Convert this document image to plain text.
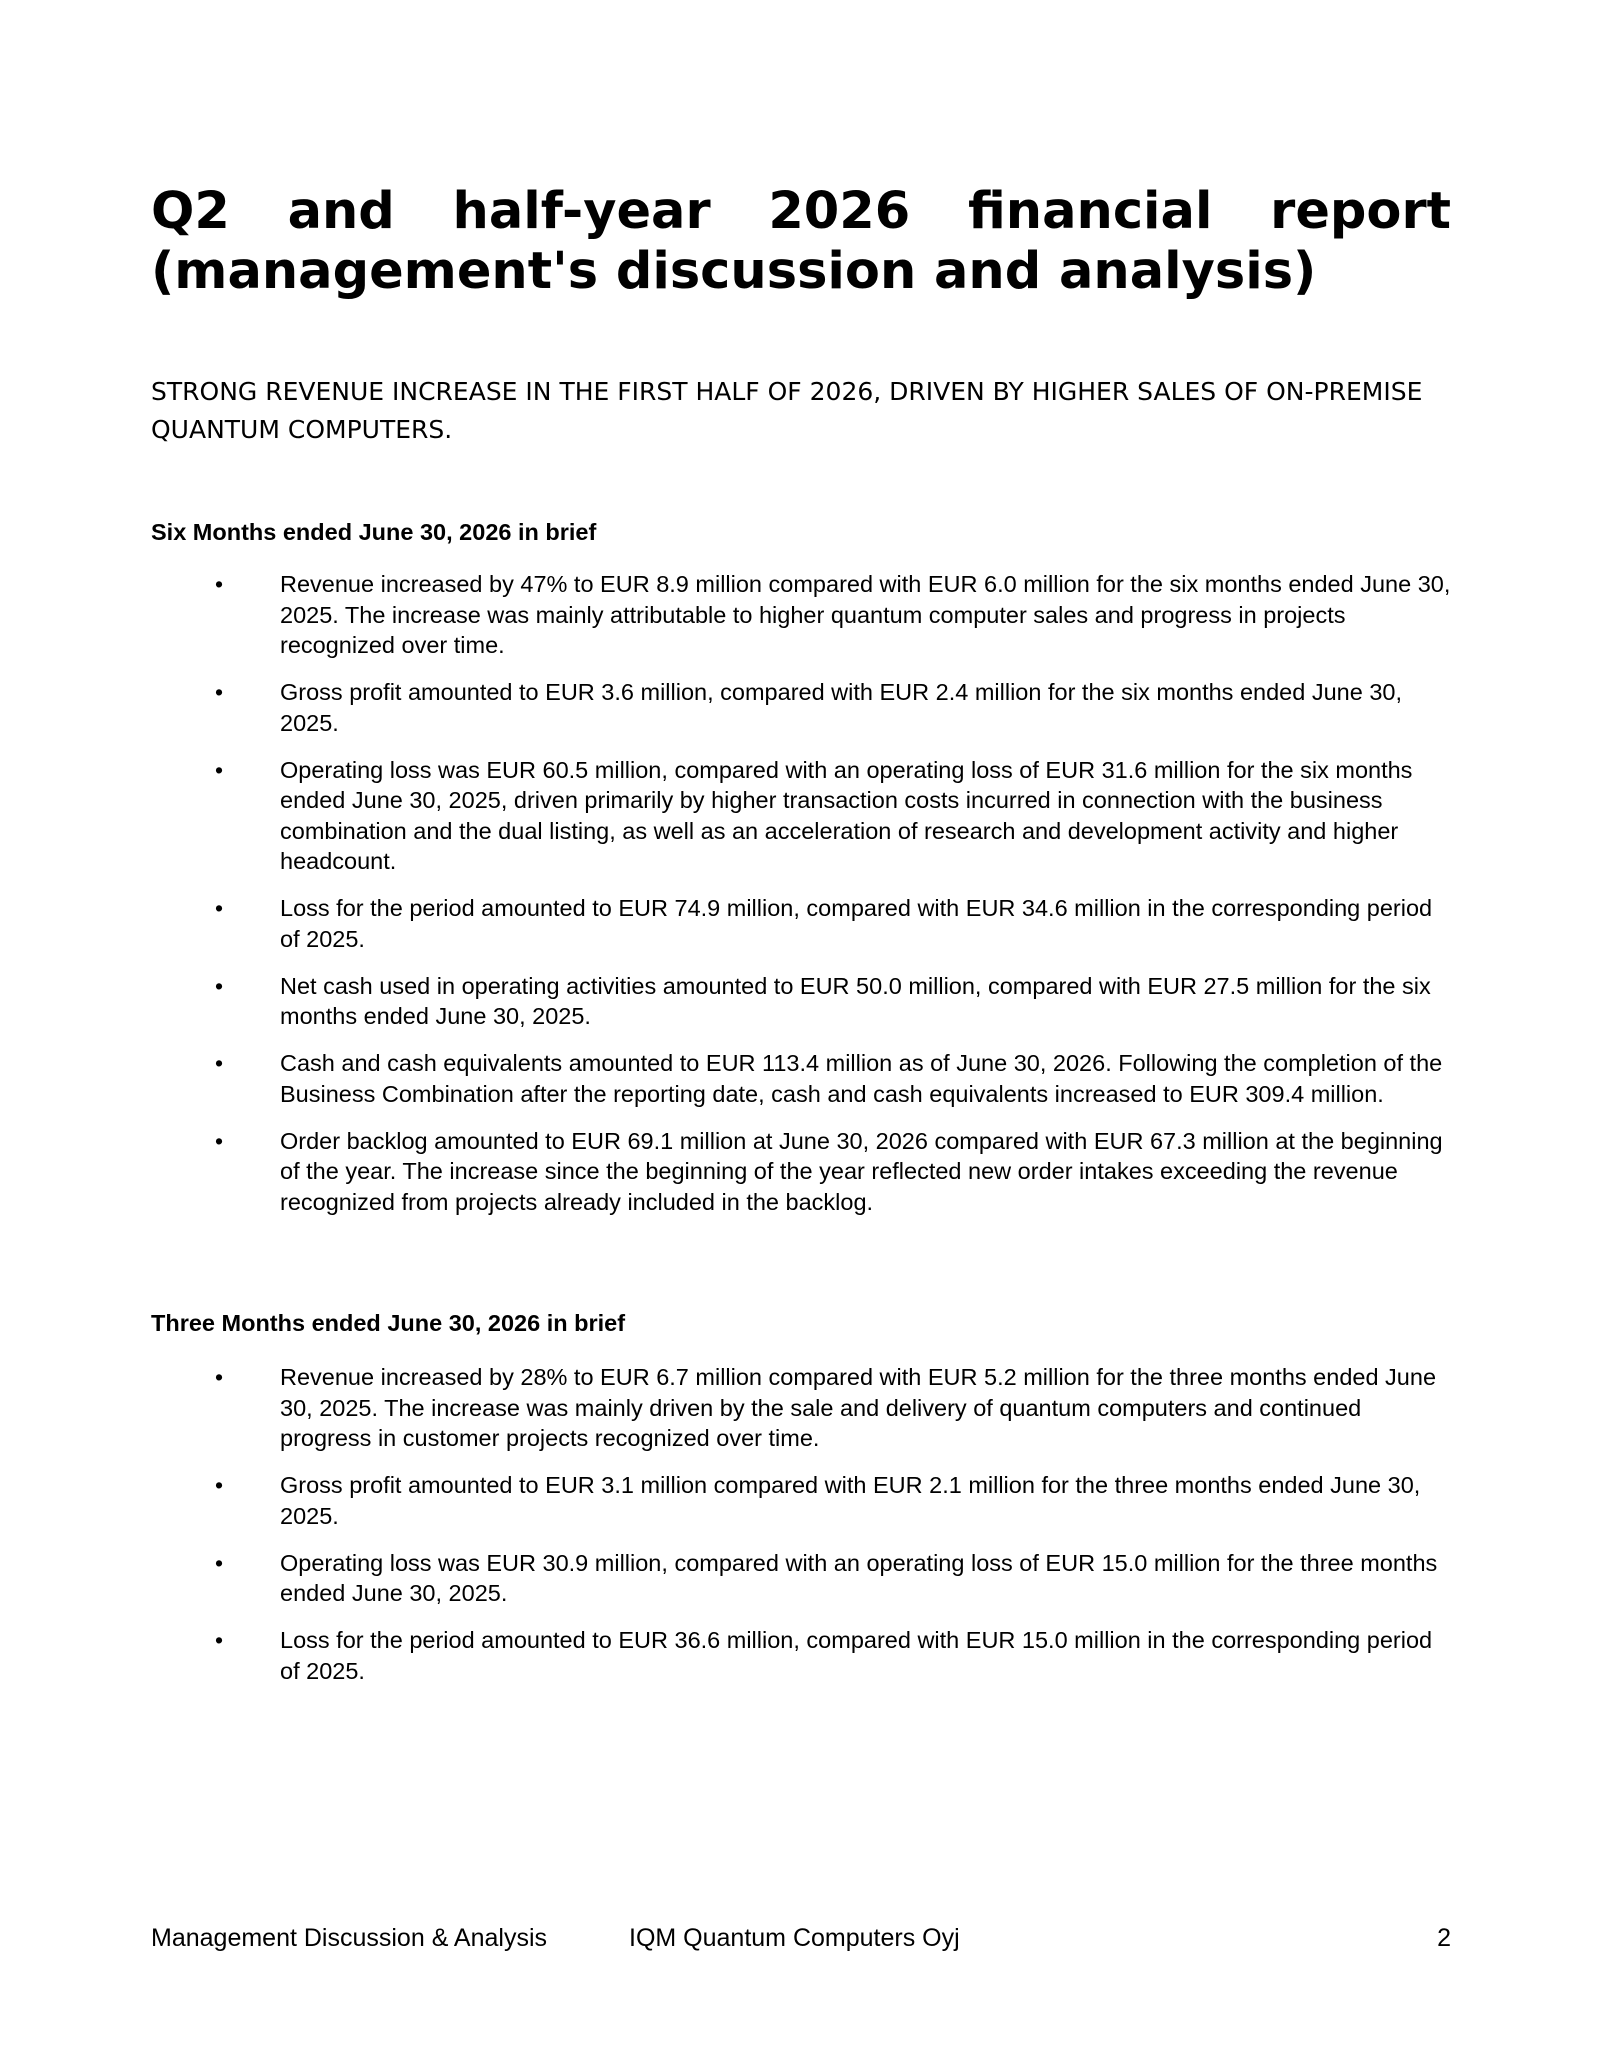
Q2 and half-year 2026 financial report
(management's discussion and analysis)

STRONG REVENUE INCREASE IN THE FIRST HALF OF 2026, DRIVEN BY HIGHER SALES OF ON-PREMISE QUANTUM COMPUTERS.

Six Months ended June 30, 2026 in brief
•	Revenue increased by 47% to EUR 8.9 million compared with EUR 6.0 million for the six months ended June 30, 2025. The increase was mainly attributable to higher quantum computer sales and progress in projects recognized over time.
•	Gross profit amounted to EUR 3.6 million, compared with EUR 2.4 million for the six months ended June 30, 2025.
•	Operating loss was EUR 60.5 million, compared with an operating loss of EUR 31.6 million for the six months ended June 30, 2025, driven primarily by higher transaction costs incurred in connection with the business combination and the dual listing, as well as an acceleration of research and development activity and higher headcount.
•	Loss for the period amounted to EUR 74.9 million, compared with EUR 34.6 million in the corresponding period of 2025.
•	Net cash used in operating activities amounted to EUR 50.0 million, compared with EUR 27.5 million for the six months ended June 30, 2025.
•	Cash and cash equivalents amounted to EUR 113.4 million as of June 30, 2026. Following the completion of the Business Combination after the reporting date, cash and cash equivalents increased to EUR 309.4 million.
•	Order backlog amounted to EUR 69.1 million at June 30, 2026 compared with EUR 67.3 million at the beginning of the year. The increase since the beginning of the year reflected new order intakes exceeding the revenue recognized from projects already included in the backlog.
Three Months ended June 30, 2026 in brief
•	Revenue increased by 28% to EUR 6.7 million compared with EUR 5.2 million for the three months ended June 30, 2025. The increase was mainly driven by the sale and delivery of quantum computers and continued progress in customer projects recognized over time.
•	Gross profit amounted to EUR 3.1 million compared with EUR 2.1 million for the three months ended June 30, 2025.
•	Operating loss was EUR 30.9 million, compared with an operating loss of EUR 15.0 million for the three months ended June 30, 2025.
•	Loss for the period amounted to EUR 36.6 million, compared with EUR 15.0 million in the corresponding period of 2025.
Management Discussion & Analysis	IQM Quantum Computers Oyj	2
